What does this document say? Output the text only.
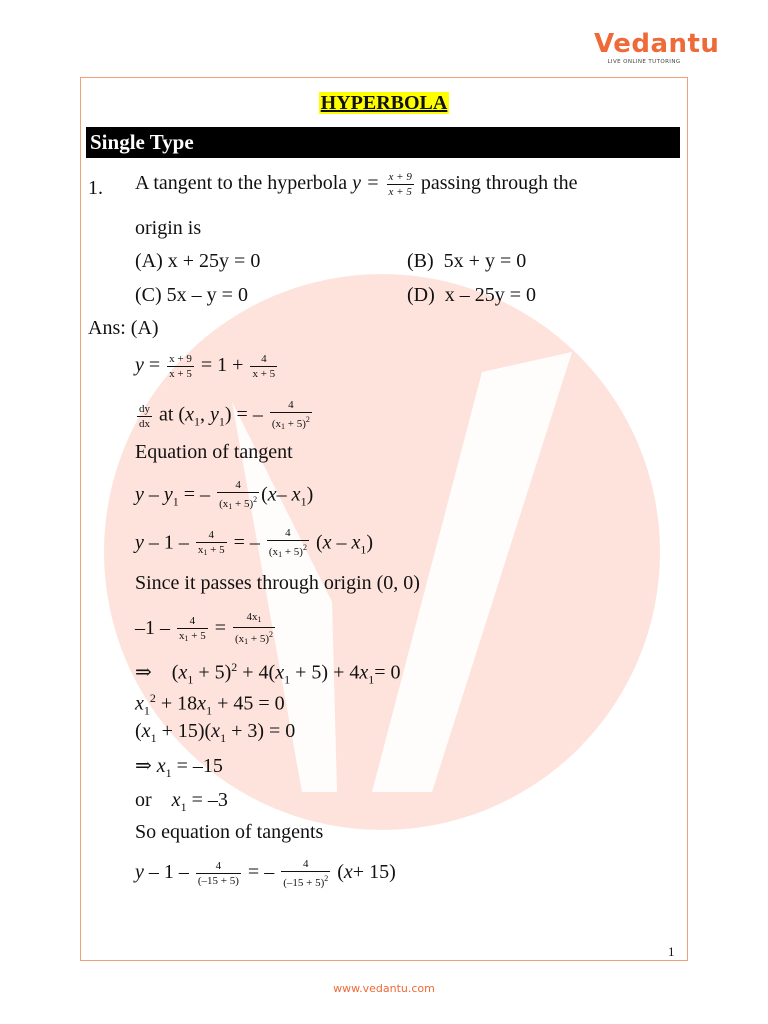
Vedantu
LIVE ONLINE TUTORING
HYPERBOLA
Single Type
1. A tangent to the hyperbola $y = \frac{x + 9}{x + 5}$ passing through the
origin is
(A) x + 25y = 0	(B) 5x + y = 0
(C) 5x – y = 0	(D) x – 25y = 0
Ans: (A)
$y = \frac{x + 9}{x + 5} = 1 + \frac{4}{x + 5}$
$\frac{dy}{dx}$ at ($x_1$, $y_1$) = – $\frac{4}{(x1 + 5)^2}$
Equation of tangent
y – $y_1$ = – $\frac{4}{(x1 + 5)^2} (x-$ $x_1$)
y – $1 - \frac{4}{x1 + 5}$ = – $\frac{4}{(x1 + 5)^2} (x - x_1)$
Since it passes through origin (0, 0)
$-1 - \frac{4}{x1 + 5} = \frac{4x1}{(x1 + 5)^2}$
⇒    $(x_1 + 5)^2 + 4(x_1 + 5) + 4x_1= 0$
$x_1^2 + 18x_1 + 45 = 0$
$(x_1 + 15)(x_1 + 3) = 0$
⇒ $x_1 = -15$
or $x_1 = -3$
So equation of tangents
y – $1 - \frac{4}{(-15 + 5)}$ = – $\frac{4}{(-15 + 5)^2} (x+ 15)$
1
www.vedantu.com
